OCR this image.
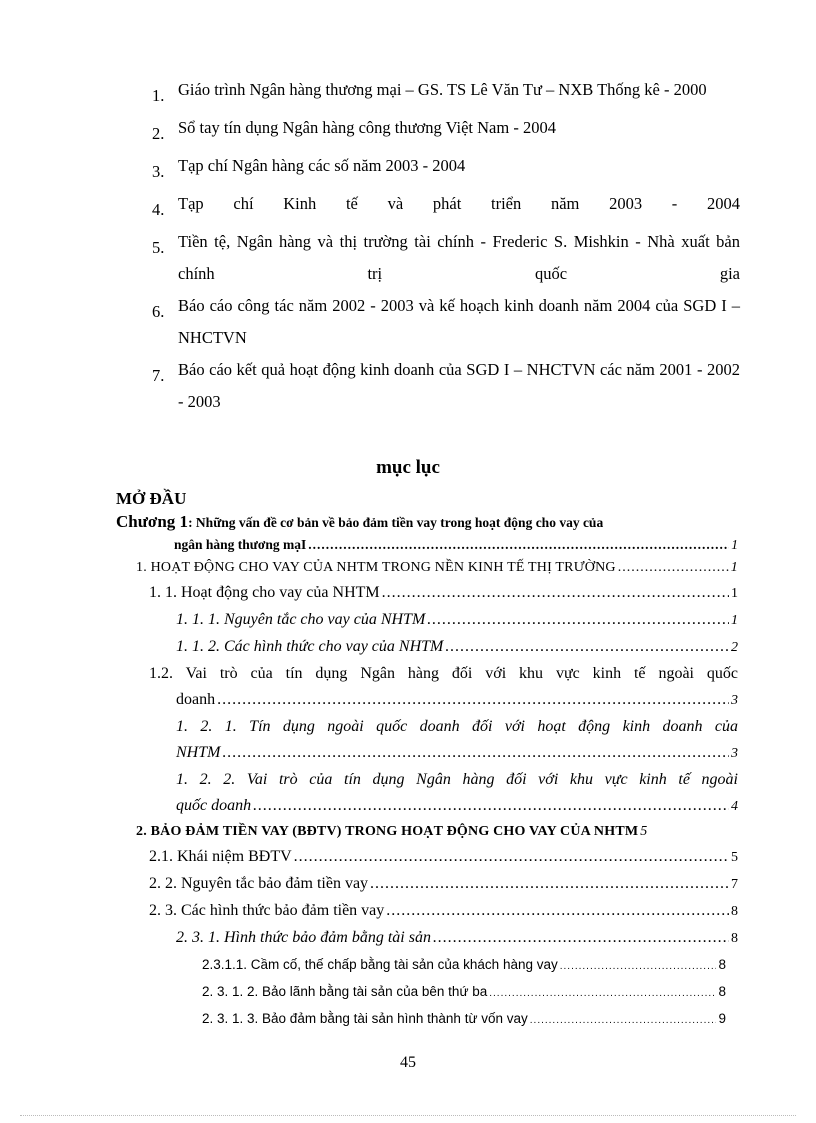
1. Giáo trình Ngân hàng thương mại – GS. TS Lê Văn Tư – NXB Thống kê - 2000
2. Sổ tay tín dụng Ngân hàng công thương Việt Nam - 2004
3. Tạp chí Ngân hàng các số năm 2003 - 2004
4. Tạp chí Kinh tế và phát triển năm 2003 - 2004
5. Tiền tệ, Ngân hàng và thị trường tài chính - Frederic S. Mishkin - Nhà xuất bản chính trị quốc gia
6. Báo cáo công tác năm 2002 - 2003 và kế hoạch kinh doanh năm 2004 của SGD I – NHCTVN
7. Báo cáo kết quả hoạt động kinh doanh của SGD I – NHCTVN các năm 2001 - 2002 - 2003
mục lục
MỞ ĐẦU
Chương 1: Những vấn đề cơ bản về bảo đảm tiền vay trong hoạt động cho vay của
ngân hàng thương mạI .....	1
1. HOẠT ĐỘNG CHO VAY CỦA NHTM TRONG NỀN KINH TẾ THỊ TRƯỜNG .....	1
1. 1. Hoạt động cho vay của NHTM .....	1
1. 1. 1. Nguyên tắc cho vay của NHTM .....	1
1. 1. 2. Các hình thức cho vay của NHTM .....	2
1.2. Vai trò của tín dụng Ngân hàng đối với khu vực kinh tế ngoài quốc
doanh .....	3
1. 2. 1. Tín dụng ngoài quốc doanh đối với hoạt động kinh doanh của
NHTM .....	3
1. 2. 2. Vai trò của tín dụng Ngân hàng đối với khu vực kinh tế ngoài
quốc doanh .....	4
2. BẢO ĐẢM TIỀN VAY (BĐTV) TRONG HOẠT ĐỘNG CHO VAY CỦA NHTM 5
2.1. Khái niệm BĐTV .....	5
2. 2. Nguyên tắc bảo đảm tiền vay .....	7
2. 3. Các hình thức bảo đảm tiền vay .....	8
2. 3. 1. Hình thức bảo đảm bằng tài sản .....	8
2.3.1.1. Cầm cố, thế chấp bằng tài sản của khách hàng vay .....	8
2. 3. 1. 2. Bảo lãnh bằng tài sản của bên thứ ba .....	8
2. 3. 1. 3. Bảo đảm bằng tài sản hình thành từ vốn vay .....	9
45
